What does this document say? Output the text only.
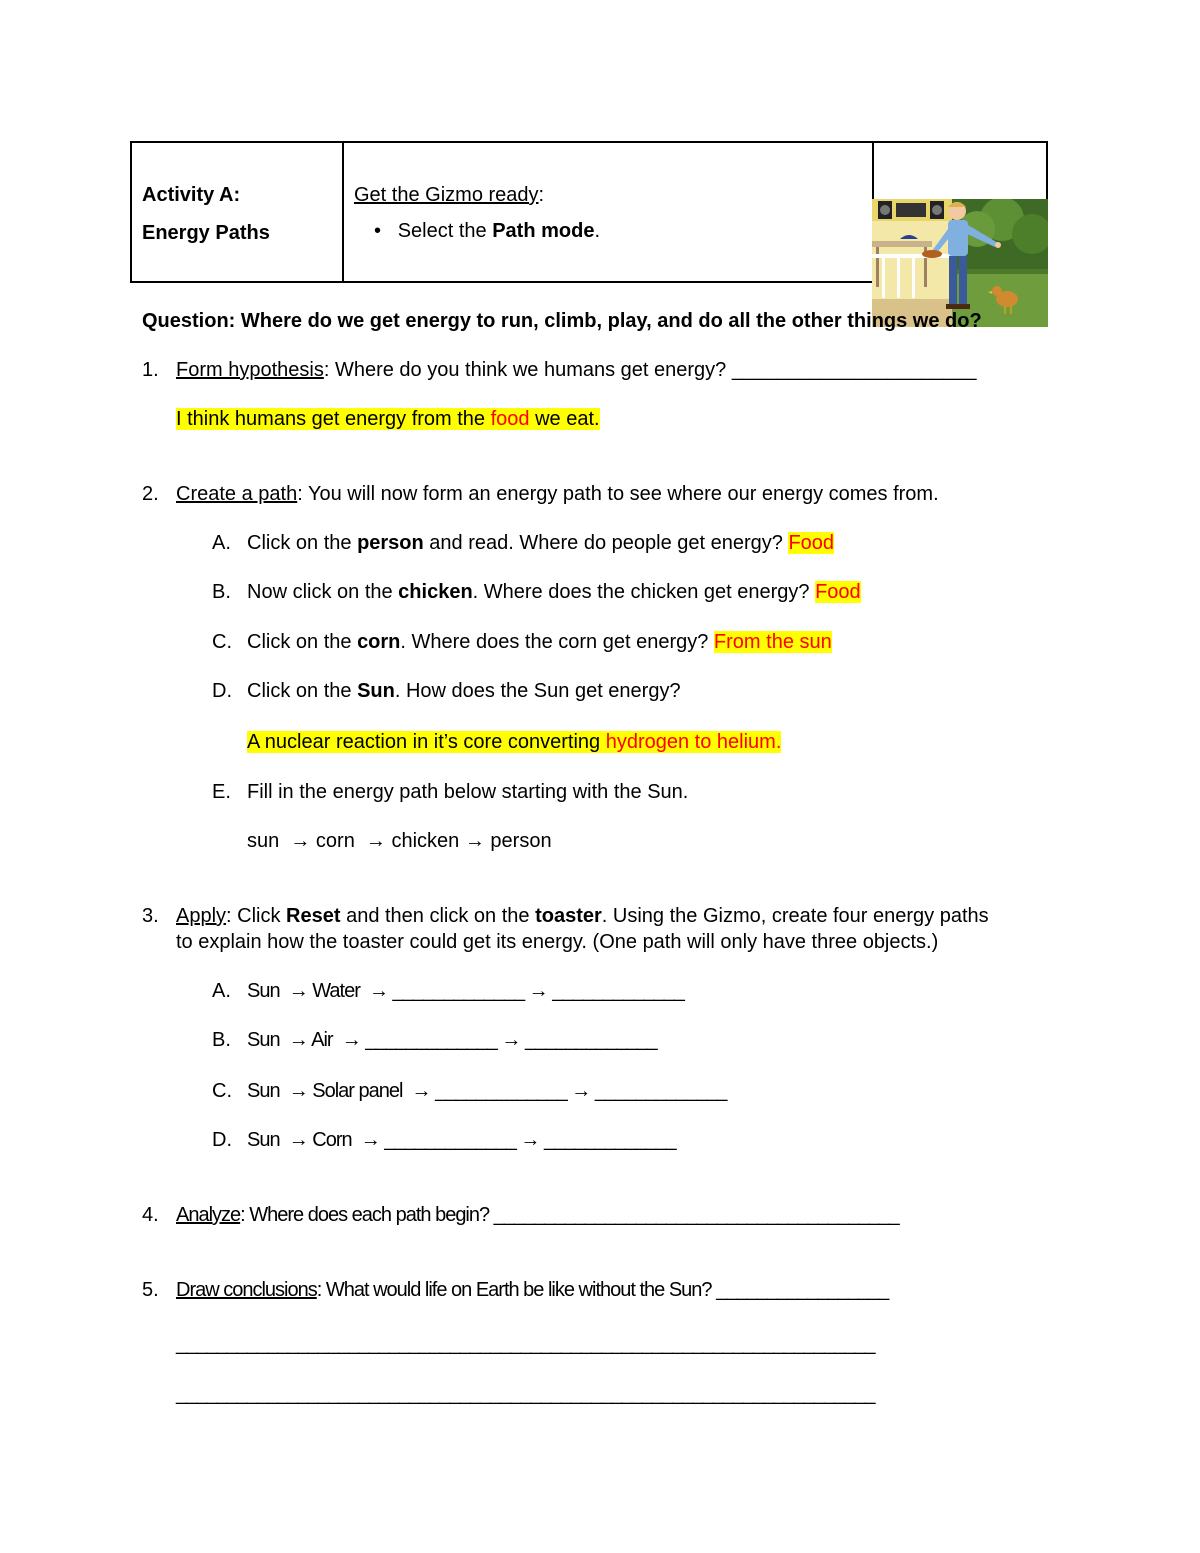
Activity A:
Energy Paths
Get the Gizmo ready:
• Select the Path mode.
Question: Where do we get energy to run, climb, play, and do all the other things we do?
1. Form hypothesis: Where do you think we humans get energy? ______________________
I think humans get energy from the food we eat.
2. Create a path: You will now form an energy path to see where our energy comes from.
A. Click on the person and read. Where do people get energy? Food
B. Now click on the chicken. Where does the chicken get energy? Food
C. Click on the corn. Where does the corn get energy? From the sun
D. Click on the Sun. How does the Sun get energy?
A nuclear reaction in it’s core converting hydrogen to helium.
E. Fill in the energy path below starting with the Sun.
sun  → corn  → chicken → person
3. Apply: Click Reset and then click on the toaster. Using the Gizmo, create four energy paths
to explain how the toaster could get its energy. (One path will only have three objects.)
A. Sun  → Water  → _____________ → _____________
B. Sun  → Air  → _____________ → _____________
C. Sun  → Solar panel  → _____________ → _____________
D. Sun  → Corn  → _____________ → _____________
4. Analyze: Where does each path begin? ________________________________________
5. Draw conclusions: What would life on Earth be like without the Sun? _________________
_____________________________________________________________________
_____________________________________________________________________
